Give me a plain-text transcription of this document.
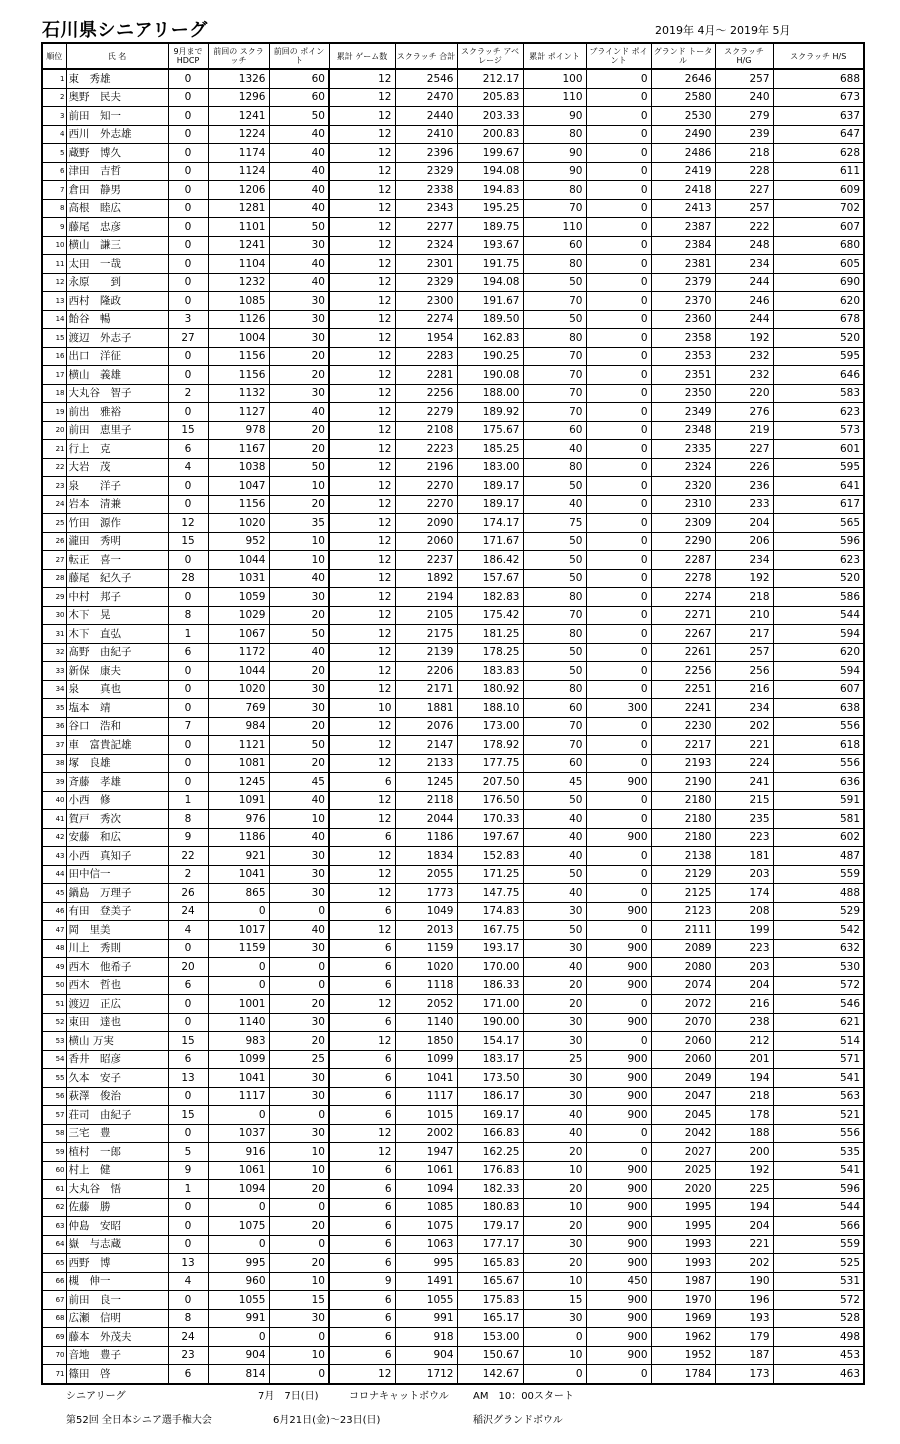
石川県シニアリーグ	2019年 4月～ 2019年 5月
順位	氏 名	9月まで HDCP	前回の スクラッチ	前回の ポイント	累計 ゲーム数	スクラッチ 合計	スクラッチ アベレージ	累計 ポイント	ブラインド ポイント	グランド トータル	スクラッチ H/G	スクラッチ H/S
1	東　秀雄	0	1326	60	12	2546	212.17	100	0	2646	257	688
2	奥野　民夫	0	1296	60	12	2470	205.83	110	0	2580	240	673
3	前田　知一	0	1241	50	12	2440	203.33	90	0	2530	279	637
4	西川　外志雄	0	1224	40	12	2410	200.83	80	0	2490	239	647
5	蔵野　博久	0	1174	40	12	2396	199.67	90	0	2486	218	628
6	津田　吉哲	0	1124	40	12	2329	194.08	90	0	2419	228	611
7	倉田　静男	0	1206	40	12	2338	194.83	80	0	2418	227	609
8	高根　睦広	0	1281	40	12	2343	195.25	70	0	2413	257	702
9	藤尾　忠彦	0	1101	50	12	2277	189.75	110	0	2387	222	607
10	横山　謙三	0	1241	30	12	2324	193.67	60	0	2384	248	680
11	太田　一哉	0	1104	40	12	2301	191.75	80	0	2381	234	605
12	永原　　到	0	1232	40	12	2329	194.08	50	0	2379	244	690
13	西村　隆政	0	1085	30	12	2300	191.67	70	0	2370	246	620
14	飴谷　暢	3	1126	30	12	2274	189.50	50	0	2360	244	678
15	渡辺　外志子	27	1004	30	12	1954	162.83	80	0	2358	192	520
16	出口　洋征	0	1156	20	12	2283	190.25	70	0	2353	232	595
17	横山　義雄	0	1156	20	12	2281	190.08	70	0	2351	232	646
18	大丸谷　智子	2	1132	30	12	2256	188.00	70	0	2350	220	583
19	前出　雅裕	0	1127	40	12	2279	189.92	70	0	2349	276	623
20	前田　恵里子	15	978	20	12	2108	175.67	60	0	2348	219	573
21	行上　克	6	1167	20	12	2223	185.25	40	0	2335	227	601
22	大岩　茂	4	1038	50	12	2196	183.00	80	0	2324	226	595
23	泉　　洋子	0	1047	10	12	2270	189.17	50	0	2320	236	641
24	岩本　清兼	0	1156	20	12	2270	189.17	40	0	2310	233	617
25	竹田　源作	12	1020	35	12	2090	174.17	75	0	2309	204	565
26	瀧田　秀明	15	952	10	12	2060	171.67	50	0	2290	206	596
27	転正　喜一	0	1044	10	12	2237	186.42	50	0	2287	234	623
28	藤尾　紀久子	28	1031	40	12	1892	157.67	50	0	2278	192	520
29	中村　邦子	0	1059	30	12	2194	182.83	80	0	2274	218	586
30	木下　晃	8	1029	20	12	2105	175.42	70	0	2271	210	544
31	木下　直弘	1	1067	50	12	2175	181.25	80	0	2267	217	594
32	髙野　由紀子	6	1172	40	12	2139	178.25	50	0	2261	257	620
33	新保　康夫	0	1044	20	12	2206	183.83	50	0	2256	256	594
34	泉　　真也	0	1020	30	12	2171	180.92	80	0	2251	216	607
35	塩本　靖	0	769	30	10	1881	188.10	60	300	2241	234	638
36	谷口　浩和	7	984	20	12	2076	173.00	70	0	2230	202	556
37	車　富貴記雄	0	1121	50	12	2147	178.92	70	0	2217	221	618
38	塚　良雄	0	1081	20	12	2133	177.75	60	0	2193	224	556
39	斉藤　孝雄	0	1245	45	6	1245	207.50	45	900	2190	241	636
40	小西　修	1	1091	40	12	2118	176.50	50	0	2180	215	591
41	賀戸　秀次	8	976	10	12	2044	170.33	40	0	2180	235	581
42	安藤　和広	9	1186	40	6	1186	197.67	40	900	2180	223	602
43	小西　真知子	22	921	30	12	1834	152.83	40	0	2138	181	487
44	田中信一	2	1041	30	12	2055	171.25	50	0	2129	203	559
45	鍋島　万理子	26	865	30	12	1773	147.75	40	0	2125	174	488
46	有田　登美子	24	0	0	6	1049	174.83	30	900	2123	208	529
47	岡　里美	4	1017	40	12	2013	167.75	50	0	2111	199	542
48	川上　秀則	0	1159	30	6	1159	193.17	30	900	2089	223	632
49	西木　他希子	20	0	0	6	1020	170.00	40	900	2080	203	530
50	西木　哲也	6	0	0	6	1118	186.33	20	900	2074	204	572
51	渡辺　正広	0	1001	20	12	2052	171.00	20	0	2072	216	546
52	東田　達也	0	1140	30	6	1140	190.00	30	900	2070	238	621
53	横山 万実	15	983	20	12	1850	154.17	30	0	2060	212	514
54	香井　昭彦	6	1099	25	6	1099	183.17	25	900	2060	201	571
55	久本　安子	13	1041	30	6	1041	173.50	30	900	2049	194	541
56	萩澤　俊治	0	1117	30	6	1117	186.17	30	900	2047	218	563
57	荘司　由紀子	15	0	0	6	1015	169.17	40	900	2045	178	521
58	三宅　豊	0	1037	30	12	2002	166.83	40	0	2042	188	556
59	植村　一郎	5	916	10	12	1947	162.25	20	0	2027	200	535
60	村上　健	9	1061	10	6	1061	176.83	10	900	2025	192	541
61	大丸谷　悟	1	1094	20	6	1094	182.33	20	900	2020	225	596
62	佐藤　勝	0	0	0	6	1085	180.83	10	900	1995	194	544
63	仲島　安昭	0	1075	20	6	1075	179.17	20	900	1995	204	566
64	嶽　与志蔵	0	0	0	6	1063	177.17	30	900	1993	221	559
65	西野　博	13	995	20	6	995	165.83	20	900	1993	202	525
66	槻　伸一	4	960	10	9	1491	165.67	10	450	1987	190	531
67	前田　良一	0	1055	15	6	1055	175.83	15	900	1970	196	572
68	広瀬　信明	8	991	30	6	991	165.17	30	900	1969	193	528
69	藤本　外茂夫	24	0	0	6	918	153.00	0	900	1962	179	498
70	音地　豊子	23	904	10	6	904	150.67	10	900	1952	187	453
71	篠田　啓	6	814	0	12	1712	142.67	0	0	1784	173	463
シニアリーグ	7月　7日(日)	コロナキャットボウル AM　10：00スタート
第52回 全日本シニア選手権大会	6月21日(金)～23日(日)	稲沢グランドボウル
